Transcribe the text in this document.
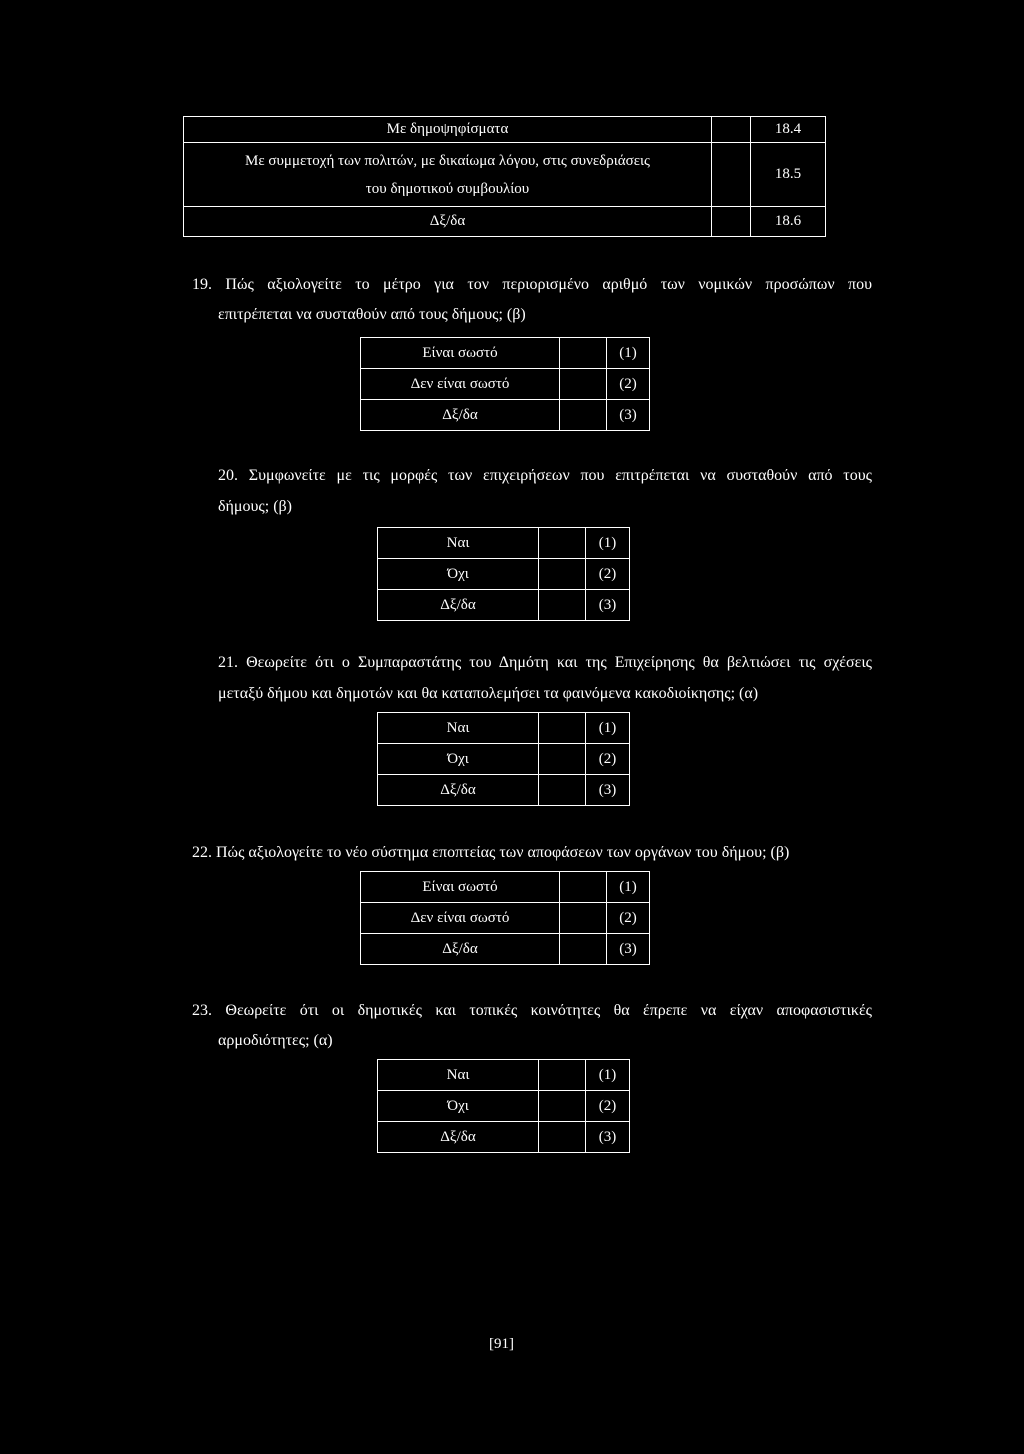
Με δημοψηφίσματα		18.4

Με συμμετοχή των πολιτών, με δικαίωμα λόγου, στις συνεδριάσεις
του δημοτικού συμβουλίου		18.5
Δξ/δα		18.6
19. Πώς αξιολογείτε το μέτρο για τον περιορισμένο αριθμό των νομικών προσώπων που
επιτρέπεται να συσταθούν από τους δήμους; (β)
Είναι σωστό		(1)
Δεν είναι σωστό		(2)
Δξ/δα		(3)
20. Συμφωνείτε με τις μορφές των επιχειρήσεων που επιτρέπεται να συσταθούν από τους
δήμους; (β)
Ναι		(1)
Όχι		(2)
Δξ/δα		(3)
21. Θεωρείτε ότι ο Συμπαραστάτης του Δημότη και της Επιχείρησης θα βελτιώσει τις σχέσεις
μεταξύ δήμου και δημοτών και θα καταπολεμήσει τα φαινόμενα κακοδιοίκησης; (α)
Ναι		(1)
Όχι		(2)
Δξ/δα		(3)
22. Πώς αξιολογείτε το νέο σύστημα εποπτείας των αποφάσεων των οργάνων του δήμου; (β)
Είναι σωστό		(1)
Δεν είναι σωστό		(2)
Δξ/δα		(3)
23. Θεωρείτε ότι οι δημοτικές και τοπικές κοινότητες θα έπρεπε να είχαν αποφασιστικές
αρμοδιότητες; (α)
Ναι		(1)
Όχι		(2)
Δξ/δα		(3)
[91]
